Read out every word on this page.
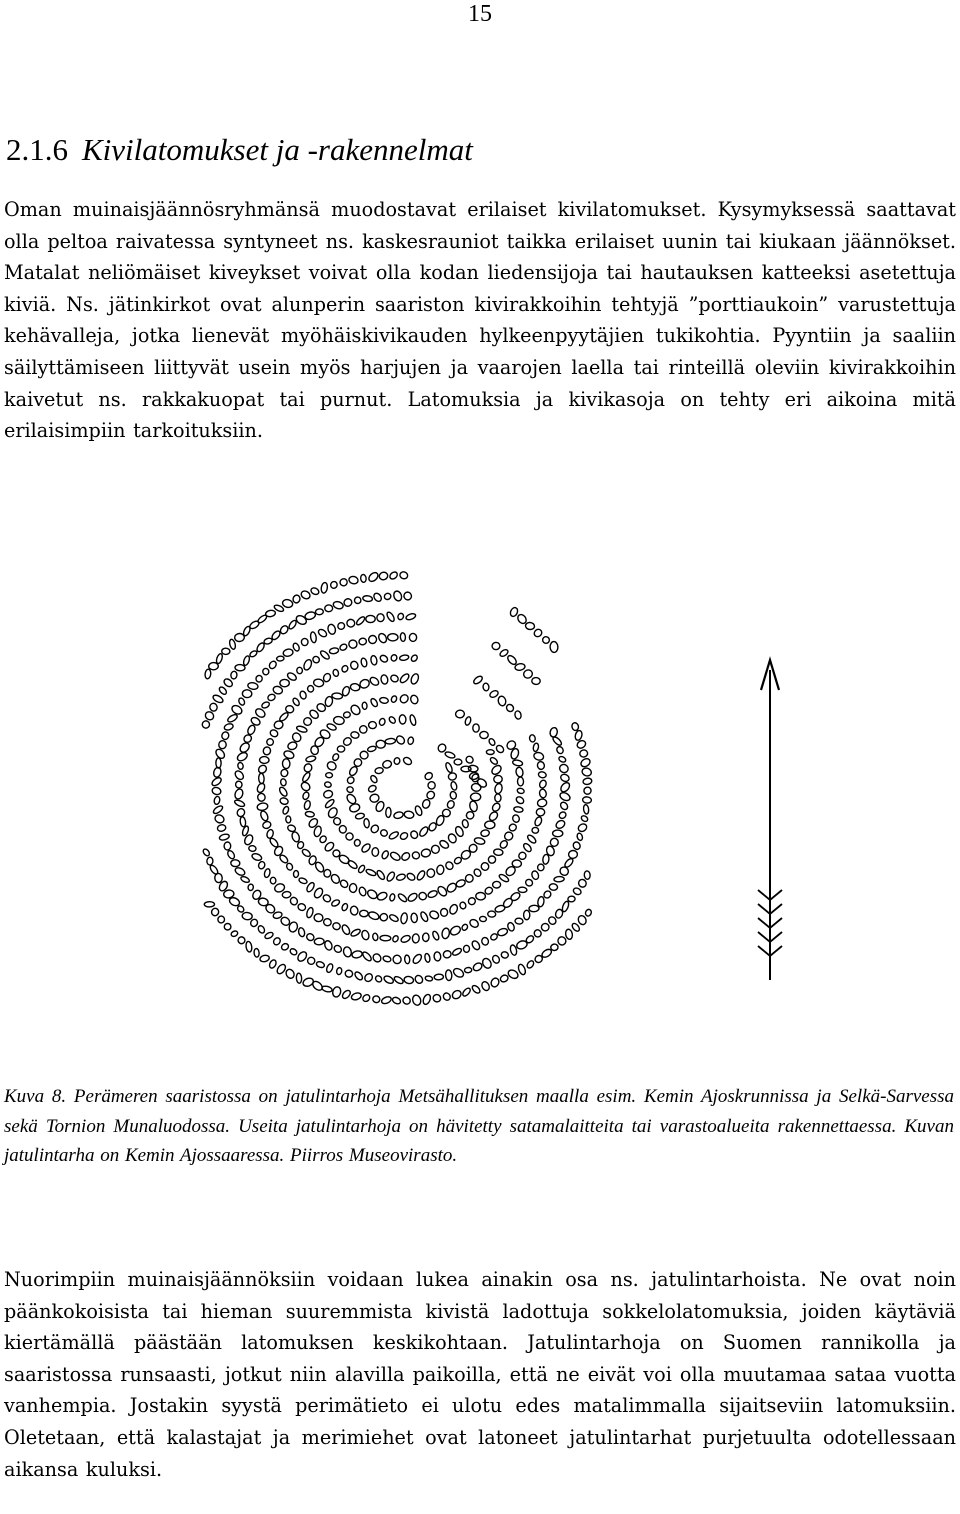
15
2.1.6 Kivilatomukset ja -rakennelmat

Oman muinaisjäännösryhmänsä muodostavat erilaiset kivilatomukset. Kysymyksessä saattavat olla peltoa raivatessa syntyneet ns. kaskesrauniot taikka erilaiset uunin tai kiukaan jäännökset. Matalat neliömäiset kiveykset voivat olla kodan liedensijoja tai hautauksen katteeksi asetettuja kiviä. Ns. jätinkirkot ovat alunperin saariston kivirakkoihin tehtyjä ”porttiaukoin” varustettuja kehävalleja, jotka lienevät myöhäiskivikauden hylkeenpyytäjien tukikohtia. Pyyntiin ja saaliin säilyttämiseen liittyvät usein myös harjujen ja vaarojen laella tai rinteillä oleviin kivirakkoihin kaivetut ns. rakkakuopat tai purnut. Latomuksia ja kivikasoja on tehty eri aikoina mitä erilaisimpiin tarkoituksiin.

Kuva 8. Perämeren saaristossa on jatulintarhoja Metsähallituksen maalla esim. Kemin Ajoskrunnissa ja Selkä-Sarvessa sekä Tornion Munaluodossa. Useita jatulintarhoja on hävitetty satamalaitteita tai varastoalueita rakennettaessa. Kuvan jatulintarha on Kemin Ajossaaressa. Piirros Museovirasto.

Nuorimpiin muinaisjäännöksiin voidaan lukea ainakin osa ns. jatulintarhoista. Ne ovat noin päänkokoisista tai hieman suuremmista kivistä ladottuja sokkelolatomuksia, joiden käytäviä kiertämällä päästään latomuksen keskikohtaan. Jatulintarhoja on Suomen rannikolla ja saaristossa runsaasti, jotkut niin alavilla paikoilla, että ne eivät voi olla muutamaa sataa vuotta vanhempia. Jostakin syystä perimätieto ei ulotu edes matalimmalla sijaitseviin latomuksiin. Oletetaan, että kalastajat ja merimiehet ovat latoneet jatulintarhat purjetuulta odotellessaan aikansa kuluksi.
